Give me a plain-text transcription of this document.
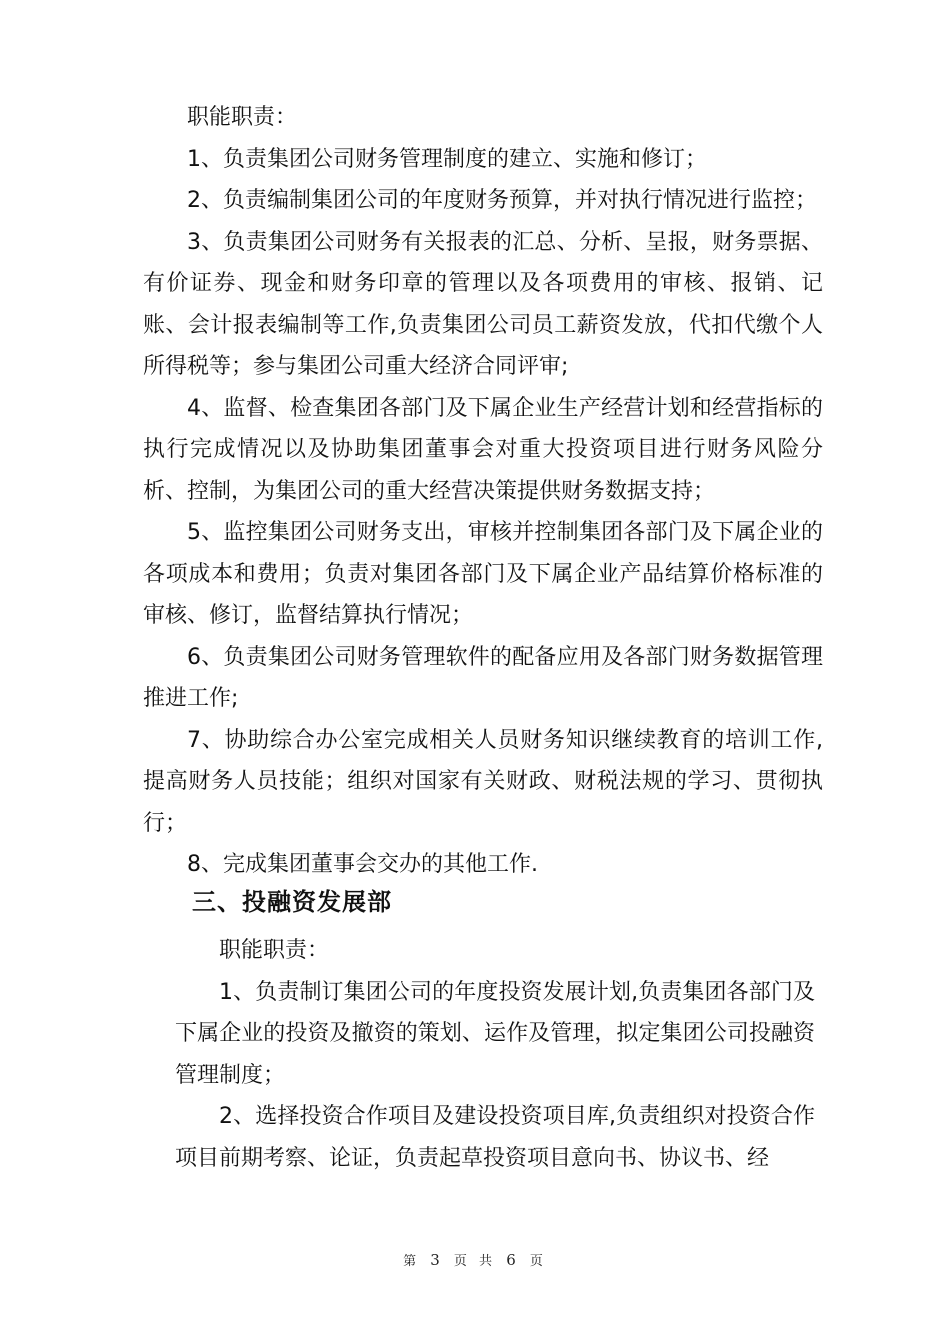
职能职责：

1、负责集团公司财务管理制度的建立、实施和修订；

2、负责编制集团公司的年度财务预算，并对执行情况进行监控；

3、负责集团公司财务有关报表的汇总、分析、呈报，财务票据、有价证券、现金和财务印章的管理以及各项费用的审核、报销、记账、会计报表编制等工作,负责集团公司员工薪资发放，代扣代缴个人所得税等；参与集团公司重大经济合同评审;

4、监督、检查集团各部门及下属企业生产经营计划和经营指标的执行完成情况以及协助集团董事会对重大投资项目进行财务风险分析、控制，为集团公司的重大经营决策提供财务数据支持；

5、监控集团公司财务支出，审核并控制集团各部门及下属企业的各项成本和费用；负责对集团各部门及下属企业产品结算价格标准的审核、修订，监督结算执行情况；

6、负责集团公司财务管理软件的配备应用及各部门财务数据管理推进工作;

7、协助综合办公室完成相关人员财务知识继续教育的培训工作,提高财务人员技能；组织对国家有关财政、财税法规的学习、贯彻执行；

8、完成集团董事会交办的其他工作.

三、投融资发展部

职能职责：

1、负责制订集团公司的年度投资发展计划,负责集团各部门及下属企业的投资及撤资的策划、运作及管理，拟定集团公司投融资管理制度；

2、选择投资合作项目及建设投资项目库,负责组织对投资合作项目前期考察、论证，负责起草投资项目意向书、协议书、经

第 3 页 共 6 页
